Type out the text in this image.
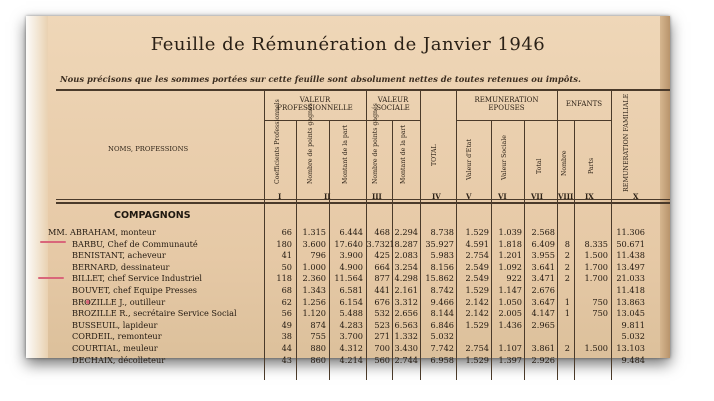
Feuille de Rémunération de Janvier 1946
Nous précisons que les sommes portées sur cette feuille sont absolument nettes de toutes retenues ou impôts.
NOMS, PROFESSIONS
VALEUR PROFESSIONNELLE
VALEUR SOCIALE
REMUNERATION EPOUSES	ENFANTS
TOTAL	REMUNERATION FAMILIALE
Coefficients Professionnels	Nombre de points gagnés	Montant de la part	Nombre de points gagnés	Montant de la part	Valeur d'Etat	Valeur Sociale	Total	Nombre	Parts
I	II	III	IV	V	VI	VII VIII IX	X
COMPAGNONS
MM. ABRAHAM, monteur	66 1.315 6.444 468 2.294 8.738 1.529 1.039 2.568	11.306
BARBU, Chef de Communauté	180 3.600 17.640 3.732 18.287 35.927 4.591 1.818 6.409 8 8.335 50.671
BENISTANT, acheveur	41 796 3.900 425 2.083 5.983 2.754 1.201 3.955 2 1.500 11.438
BERNARD, dessinateur	50 1.000 4.900 664 3.254 8.156 2.549 1.092 3.641 2 1.700 13.497
BILLET, chef Service Industriel	118 2.360 11.564 877 4.298 15.862 2.549 922 3.471 2 1.700 21.033
BOUVET, chef Equipe Presses	68 1.343 6.581 441 2.161 8.742 1.529 1.147 2.676	11.418
BROZILLE J., outilleur	62 1.256 6.154 676 3.312 9.466 2.142 1.050 3.647 1	750 13.863
BROZILLE R., secrétaire Service Social	56 1.120 5.488 532 2.656 8.144 2.142 2.005 4.147 1	750 13.045
BUSSEUIL, lapideur	49 874 4.283 523 6.563 6.846 1.529 1.436 2.965	9.811
CORDEIL, remonteur	38 755 3.700 271 1.332 5.032	5.032
COURTIAL, meuleur	44 880 4.312 700 3.430 7.742 2.754 1.107 3.861 2 1.500 13.103
DECHAIX, décolleteur	43 860 4.214 560 2.744 6.958 1.529 1.397 2.926	9.484
